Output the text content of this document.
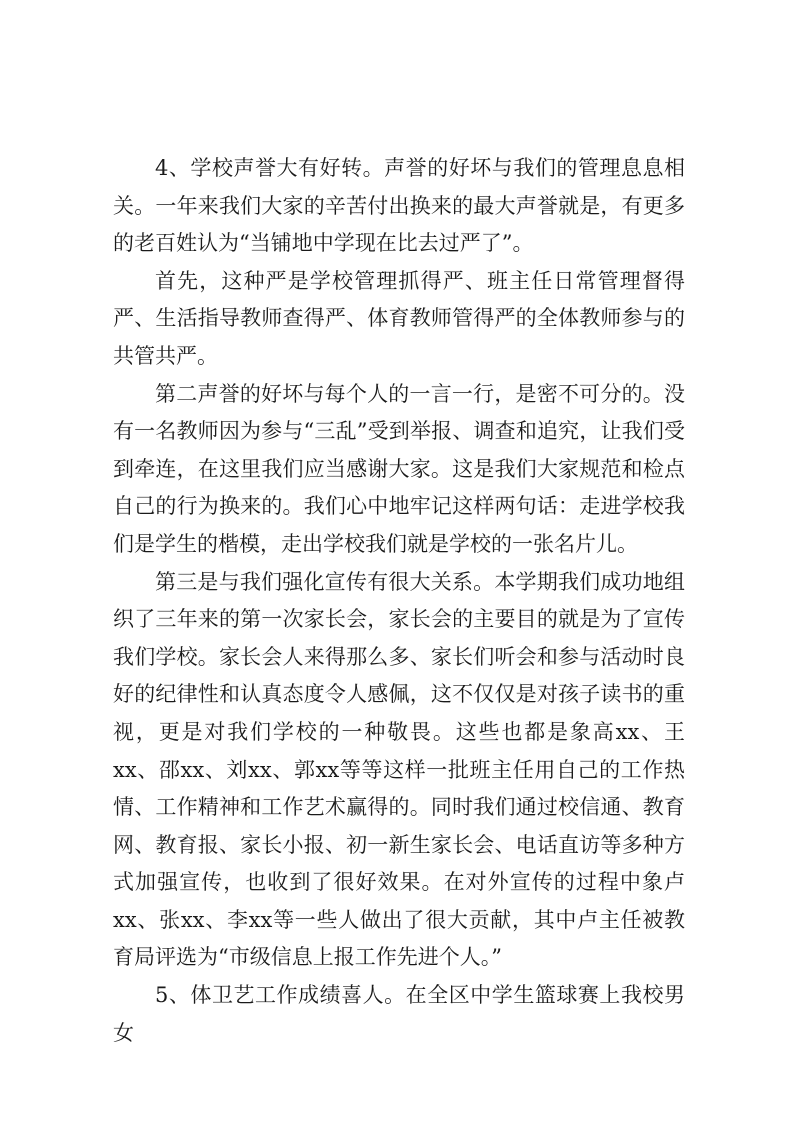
4、学校声誉大有好转。声誉的好坏与我们的管理息息相关。一年来我们大家的辛苦付出换来的最大声誉就是，有更多的老百姓认为“当铺地中学现在比去过严了”。

首先，这种严是学校管理抓得严、班主任日常管理督得严、生活指导教师查得严、体育教师管得严的全体教师参与的共管共严。

第二声誉的好坏与每个人的一言一行，是密不可分的。没有一名教师因为参与“三乱”受到举报、调查和追究，让我们受到牵连，在这里我们应当感谢大家。这是我们大家规范和检点自己的行为换来的。我们心中地牢记这样两句话：走进学校我们是学生的楷模，走出学校我们就是学校的一张名片儿。

第三是与我们强化宣传有很大关系。本学期我们成功地组织了三年来的第一次家长会，家长会的主要目的就是为了宣传我们学校。家长会人来得那么多、家长们听会和参与活动时良好的纪律性和认真态度令人感佩，这不仅仅是对孩子读书的重视，更是对我们学校的一种敬畏。这些也都是象高xx、王xx、邵xx、刘xx、郭xx等等这样一批班主任用自己的工作热情、工作精神和工作艺术赢得的。同时我们通过校信通、教育网、教育报、家长小报、初一新生家长会、电话直访等多种方式加强宣传，也收到了很好效果。在对外宣传的过程中象卢xx、张xx、李xx等一些人做出了很大贡献，其中卢主任被教育局评选为“市级信息上报工作先进个人。”

5、体卫艺工作成绩喜人。在全区中学生篮球赛上我校男女
